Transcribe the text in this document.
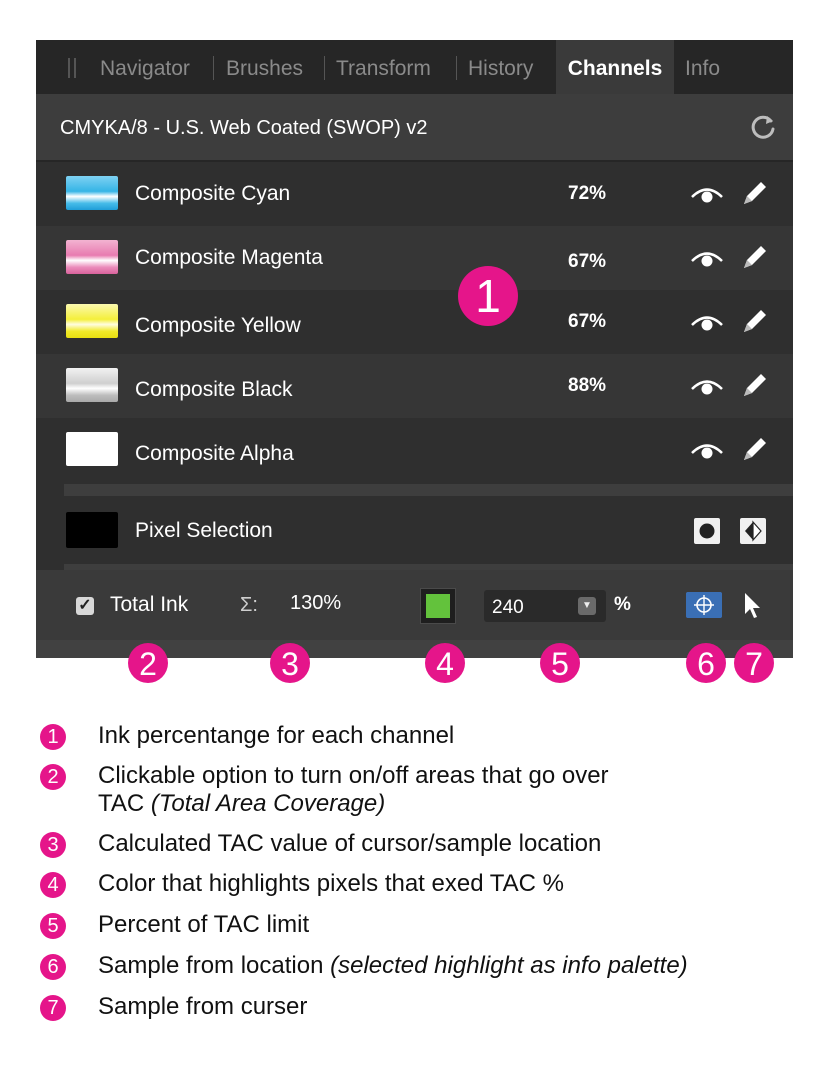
Navigator Brushes Transform History	Channels	Info
CMYKA/8 - U.S. Web Coated (SWOP) v2
Composite Cyan	72%
Composite Magenta	67%
Composite Yellow	67%
Composite Black	88%
Composite Alpha
Pixel Selection
✓ Total Ink	Σ: 130%	240	▼ %
1
2	3	4	5	6 7
1	Ink percentange for each channel
2	Clickable option to turn on/off areas that go over
TAC (Total Area Coverage)
3	Calculated TAC value of cursor/sample location
4	Color that highlights pixels that exed TAC %
5	Percent of TAC limit
6	Sample from location (selected highlight as info palette)
7	Sample from curser
